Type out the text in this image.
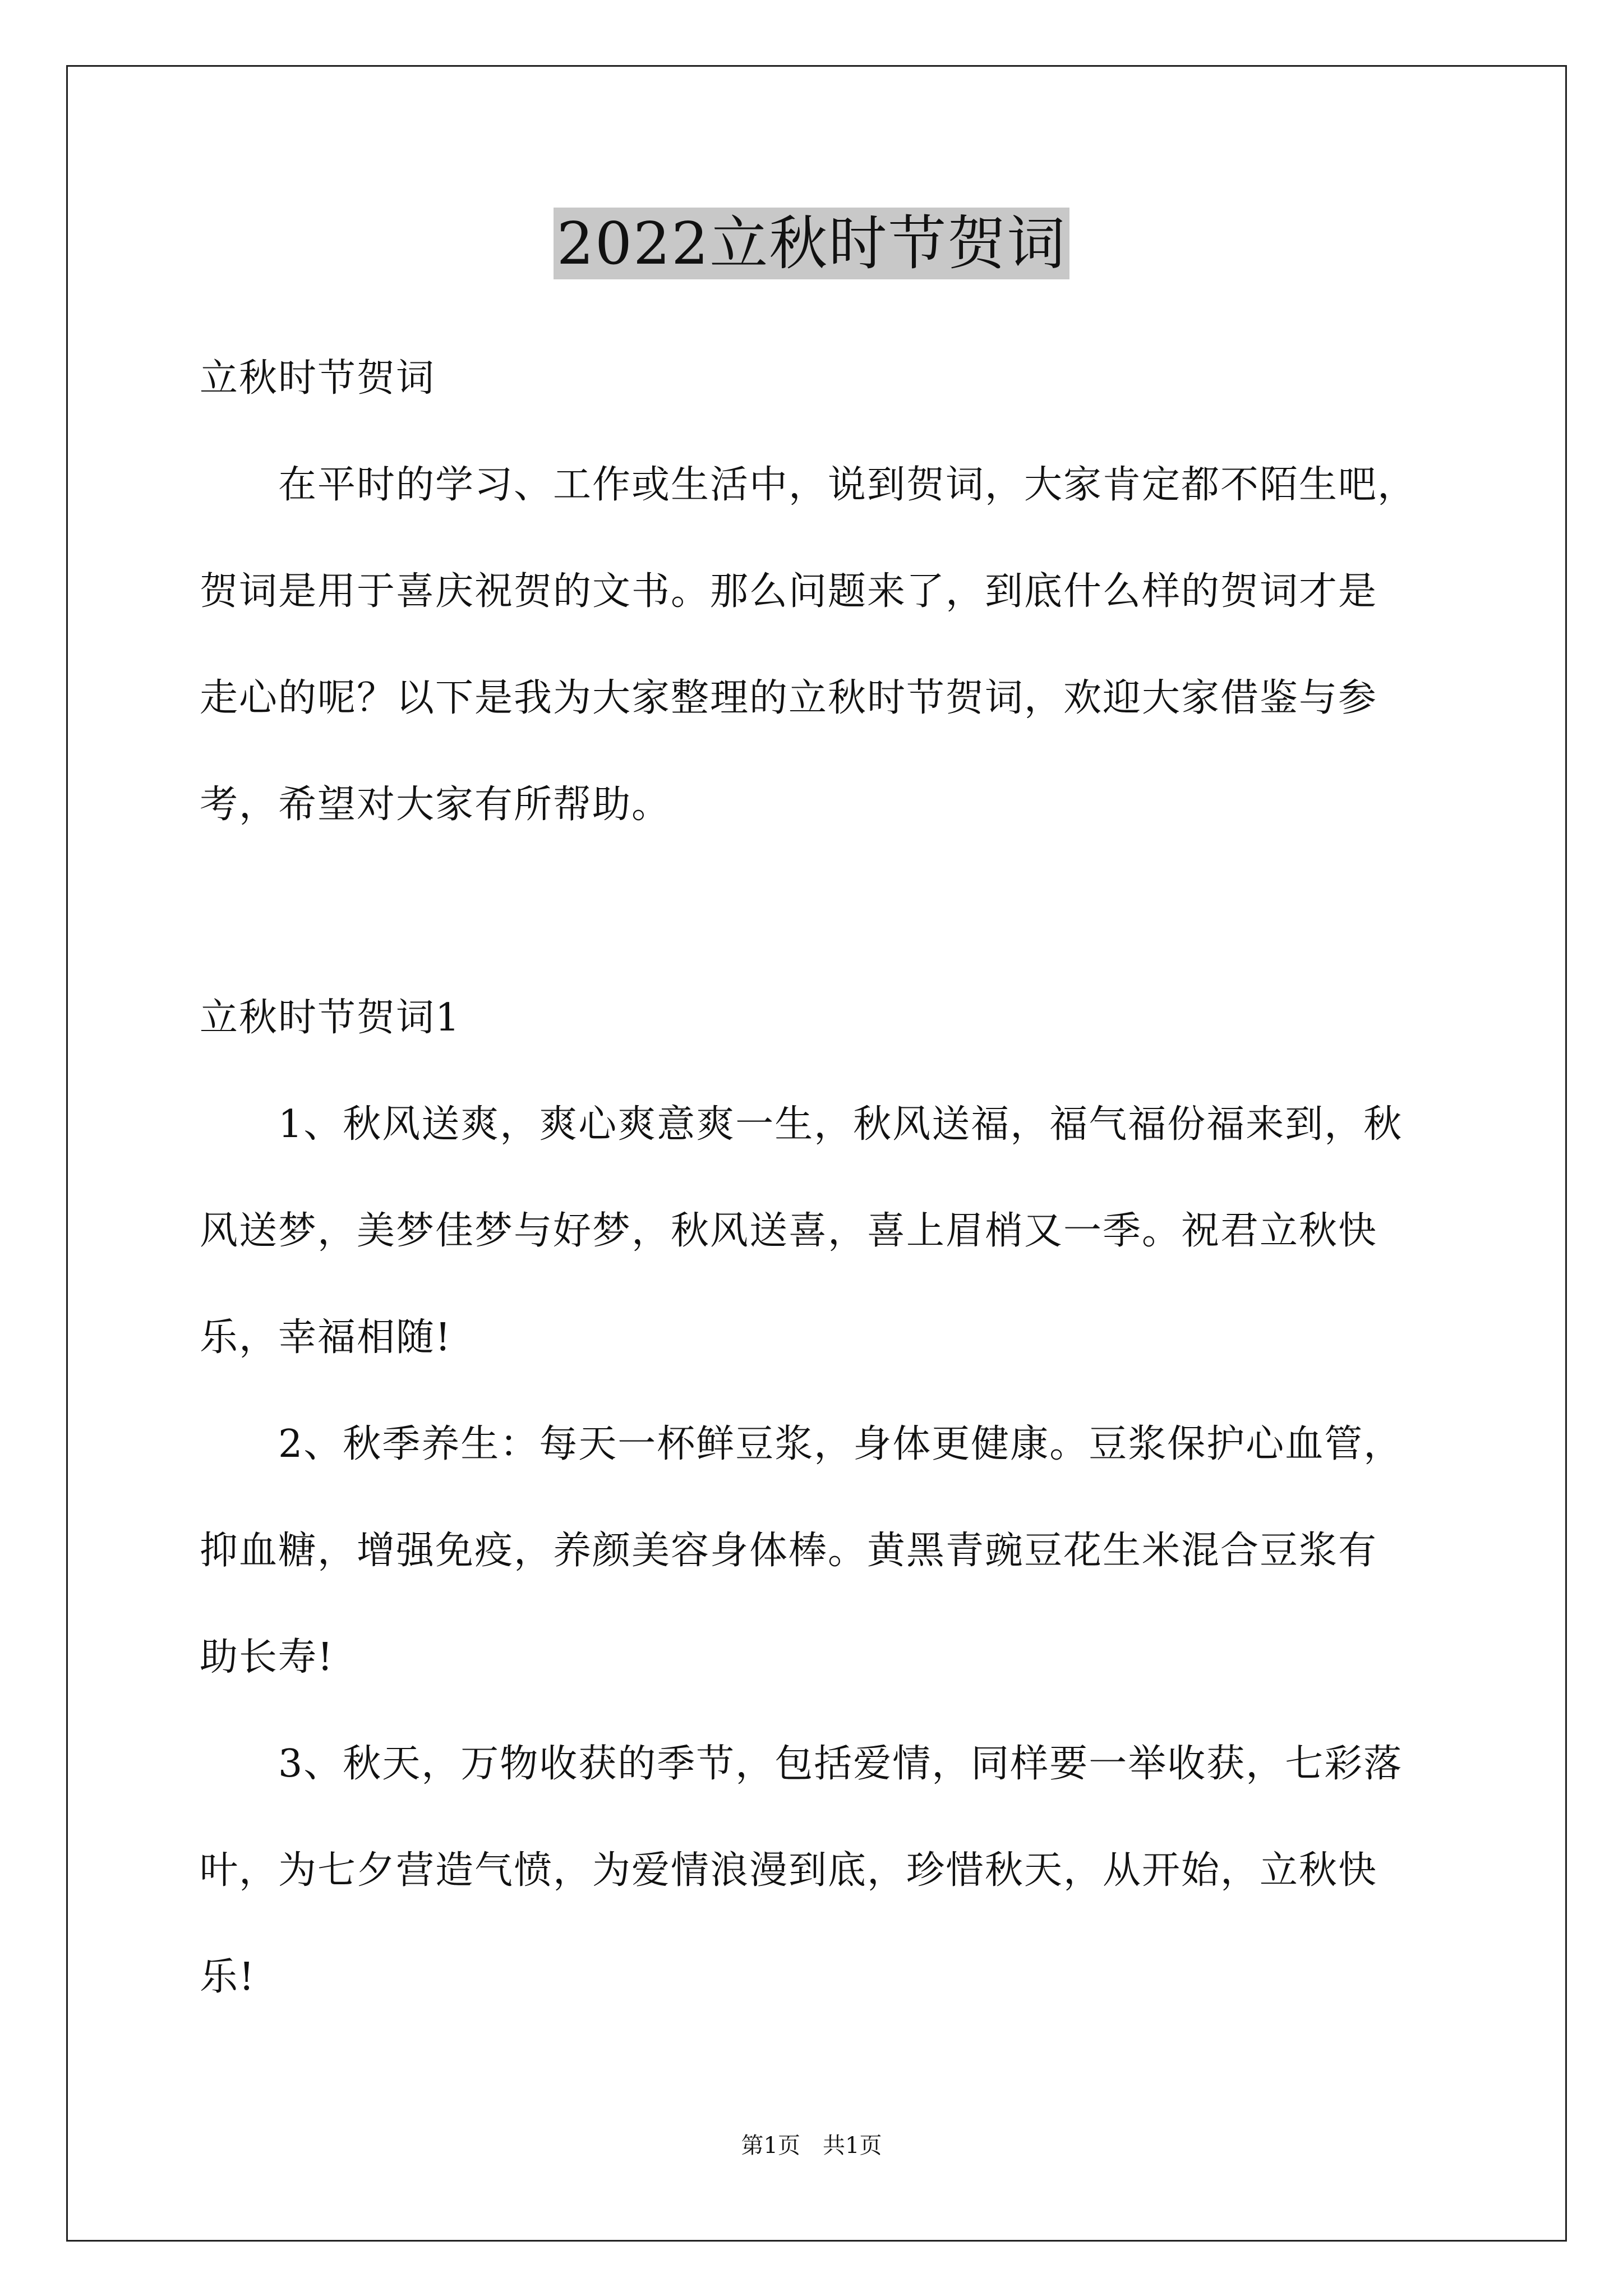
2022立秋时节贺词
立秋时节贺词
在平时的学习、工作或生活中，说到贺词，大家肯定都不陌生吧，
贺词是用于喜庆祝贺的文书。那么问题来了，到底什么样的贺词才是
走心的呢？以下是我为大家整理的立秋时节贺词，欢迎大家借鉴与参
考，希望对大家有所帮助。
立秋时节贺词1
1、秋风送爽，爽心爽意爽一生，秋风送福，福气福份福来到，秋
风送梦，美梦佳梦与好梦，秋风送喜，喜上眉梢又一季。祝君立秋快
乐，幸福相随!
2、秋季养生：每天一杯鲜豆浆，身体更健康。豆浆保护心血管，
抑血糖，增强免疫，养颜美容身体棒。黄黑青豌豆花生米混合豆浆有
助长寿!
3、秋天，万物收获的季节，包括爱情，同样要一举收获，七彩落
叶，为七夕营造气愤，为爱情浪漫到底，珍惜秋天，从开始，立秋快
乐!
第1页　共1页
